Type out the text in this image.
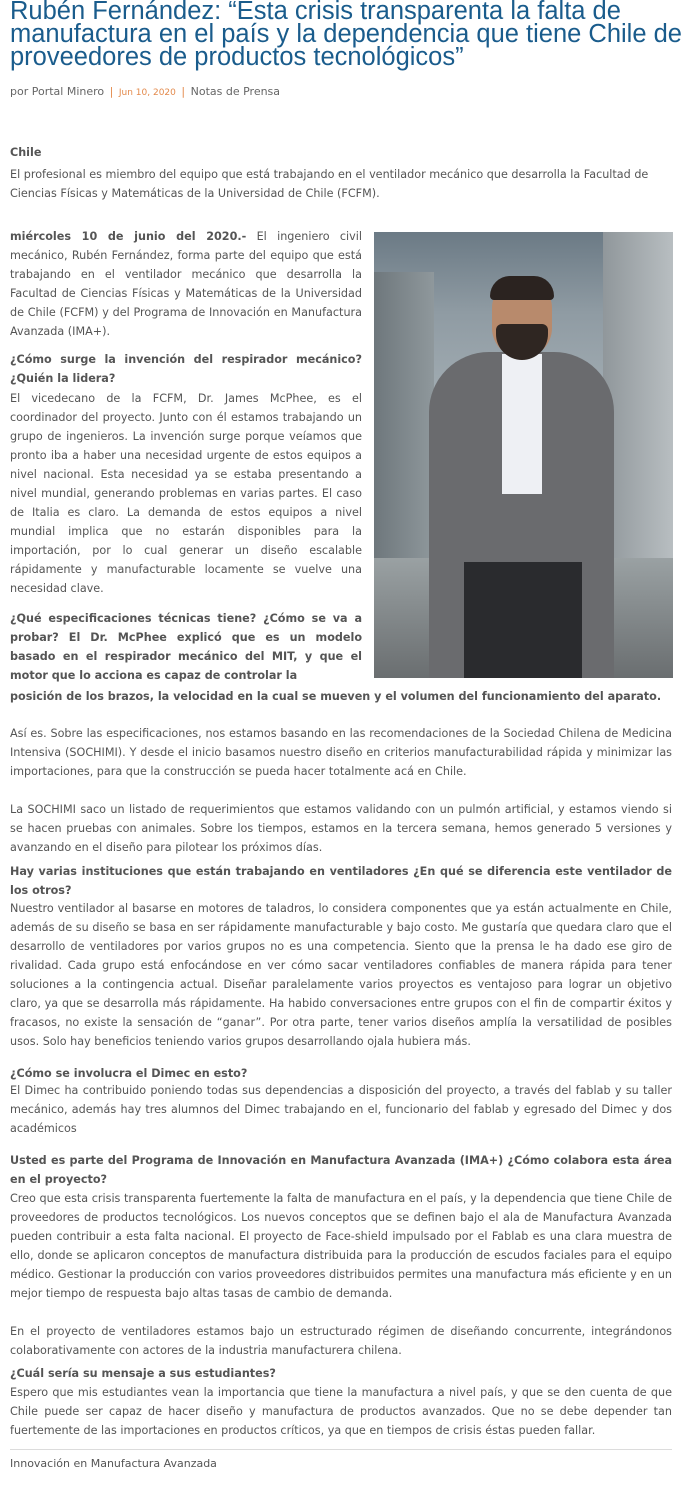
Rubén Fernández: “Esta crisis transparenta la falta de manufactura en el país y la dependencia que tiene Chile de proveedores de productos tecnológicos”
por Portal Minero | Jun 10, 2020 | Notas de Prensa
Chile
El profesional es miembro del equipo que está trabajando en el ventilador mecánico que desarrolla la Facultad de Ciencias Físicas y Matemáticas de la Universidad de Chile (FCFM).
miércoles 10 de junio del 2020.- El ingeniero civil mecánico, Rubén Fernández, forma parte del equipo que está trabajando en el ventilador mecánico que desarrolla la Facultad de Ciencias Físicas y Matemáticas de la Universidad de Chile (FCFM) y del Programa de Innovación en Manufactura Avanzada (IMA+).
¿Cómo surge la invención del respirador mecánico? ¿Quién la lidera?
El vicedecano de la FCFM, Dr. James McPhee, es el coordinador del proyecto. Junto con él estamos trabajando un grupo de ingenieros. La invención surge porque veíamos que pronto iba a haber una necesidad urgente de estos equipos a nivel nacional. Esta necesidad ya se estaba presentando a nivel mundial, generando problemas en varias partes. El caso de Italia es claro. La demanda de estos equipos a nivel mundial implica que no estarán disponibles para la importación, por lo cual generar un diseño escalable rápidamente y manufacturable locamente se vuelve una necesidad clave.
¿Qué especificaciones técnicas tiene? ¿Cómo se va a probar? El Dr. McPhee explicó que es un modelo basado en el respirador mecánico del MIT, y que el motor que lo acciona es capaz de controlar la
posición de los brazos, la velocidad en la cual se mueven y el volumen del funcionamiento del aparato.

Así es. Sobre las especificaciones, nos estamos basando en las recomendaciones de la Sociedad Chilena de Medicina Intensiva (SOCHIMI). Y desde el inicio basamos nuestro diseño en criterios manufacturabilidad rápida y minimizar las importaciones, para que la construcción se pueda hacer totalmente acá en Chile.

La SOCHIMI saco un listado de requerimientos que estamos validando con un pulmón artificial, y estamos viendo si se hacen pruebas con animales. Sobre los tiempos, estamos en la tercera semana, hemos generado 5 versiones y avanzando en el diseño para pilotear los próximos días.

Hay varias instituciones que están trabajando en ventiladores ¿En qué se diferencia este ventilador de los otros?
Nuestro ventilador al basarse en motores de taladros, lo considera componentes que ya están actualmente en Chile, además de su diseño se basa en ser rápidamente manufacturable y bajo costo. Me gustaría que quedara claro que el desarrollo de ventiladores por varios grupos no es una competencia. Siento que la prensa le ha dado ese giro de rivalidad. Cada grupo está enfocándose en ver cómo sacar ventiladores confiables de manera rápida para tener soluciones a la contingencia actual. Diseñar paralelamente varios proyectos es ventajoso para lograr un objetivo claro, ya que se desarrolla más rápidamente. Ha habido conversaciones entre grupos con el fin de compartir éxitos y fracasos, no existe la sensación de “ganar”. Por otra parte, tener varios diseños amplía la versatilidad de posibles usos. Solo hay beneficios teniendo varios grupos desarrollando ojala hubiera más.
¿Cómo se involucra el Dimec en esto?
El Dimec ha contribuido poniendo todas sus dependencias a disposición del proyecto, a través del fablab y su taller mecánico, además hay tres alumnos del Dimec trabajando en el, funcionario del fablab y egresado del Dimec y dos académicos
Usted es parte del Programa de Innovación en Manufactura Avanzada (IMA+) ¿Cómo colabora esta área en el proyecto?

Creo que esta crisis transparenta fuertemente la falta de manufactura en el país, y la dependencia que tiene Chile de proveedores de productos tecnológicos. Los nuevos conceptos que se definen bajo el ala de Manufactura Avanzada pueden contribuir a esta falta nacional. El proyecto de Face-shield impulsado por el Fablab es una clara muestra de ello, donde se aplicaron conceptos de manufactura distribuida para la producción de escudos faciales para el equipo médico. Gestionar la producción con varios proveedores distribuidos permites una manufactura más eficiente y en un mejor tiempo de respuesta bajo altas tasas de cambio de demanda.

En el proyecto de ventiladores estamos bajo un estructurado régimen de diseñando concurrente, integrándonos colaborativamente con actores de la industria manufacturera chilena.

¿Cuál sería su mensaje a sus estudiantes?
Espero que mis estudiantes vean la importancia que tiene la manufactura a nivel país, y que se den cuenta de que Chile puede ser capaz de hacer diseño y manufactura de productos avanzados. Que no se debe depender tan fuertemente de las importaciones en productos críticos, ya que en tiempos de crisis éstas pueden fallar.
Innovación en Manufactura Avanzada
